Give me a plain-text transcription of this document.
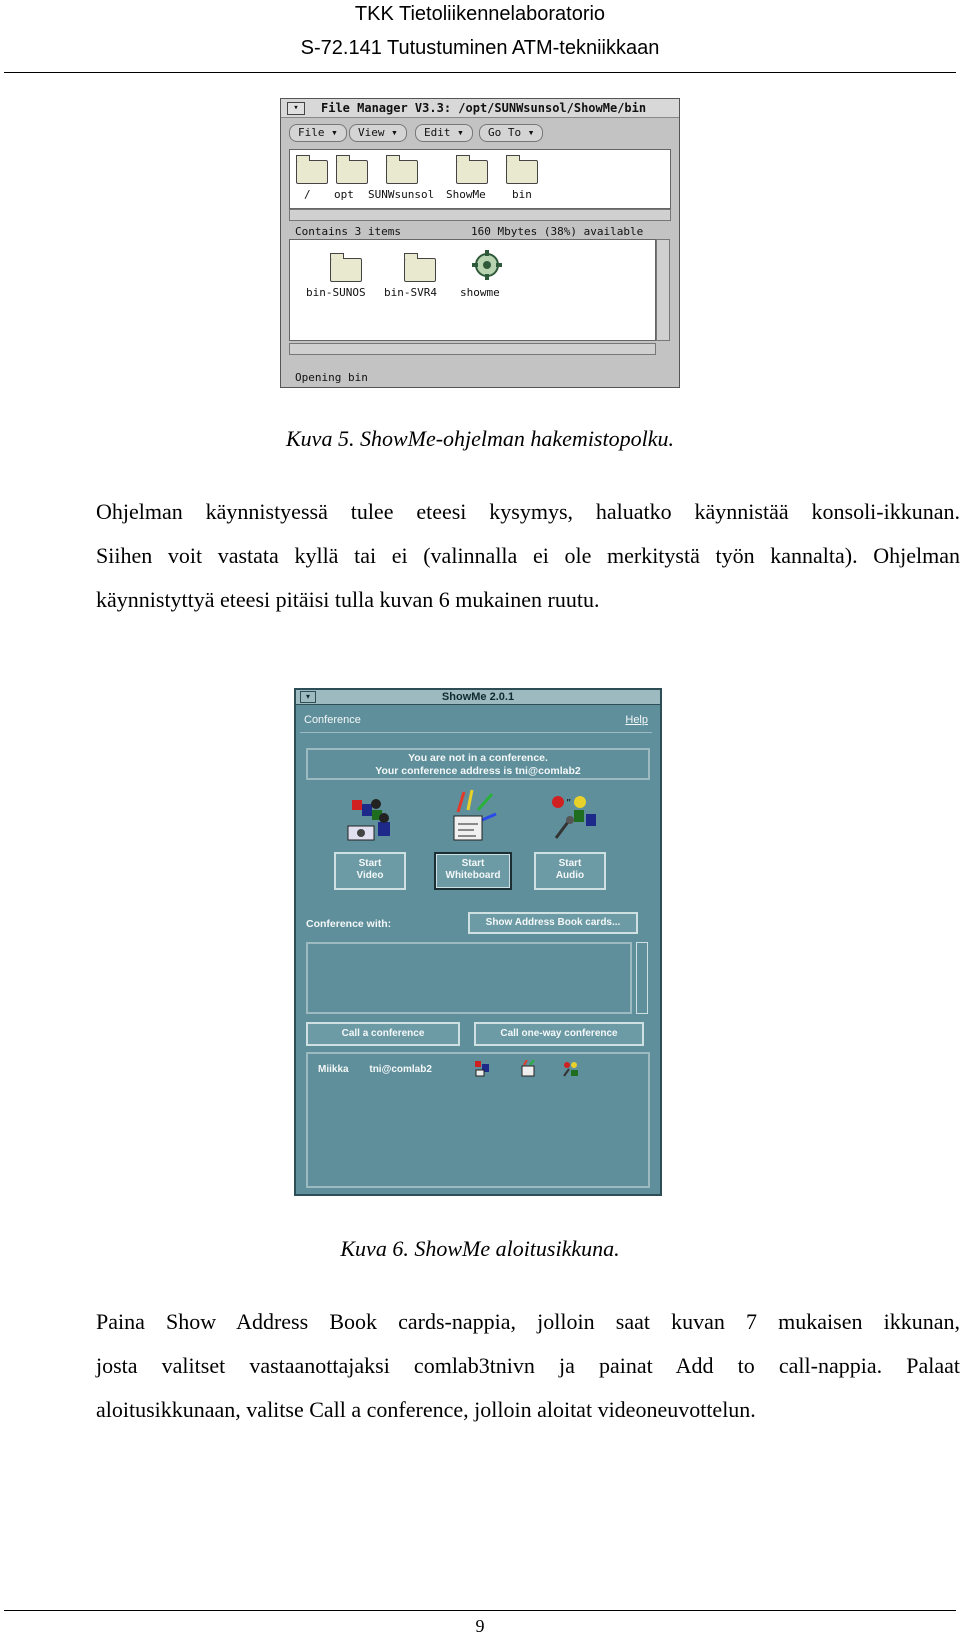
TKK Tietoliikennelaboratorio
S-72.141 Tutustuminen ATM-tekniikkaan
▾	File Manager V3.3: /opt/SUNWsunsol/ShowMe/bin
File ▾	View ▾	Edit ▾	Go To ▾
/ opt SUNWsunsol ShowMe bin
Contains 3 items	160 Mbytes (38%) available
bin-SUNOS bin-SVR4 showme
Opening bin
Kuva 5. ShowMe-ohjelman hakemistopolku.
Ohjelman käynnistyessä tulee eteesi kysymys, haluatko käynnistää konsoli-ikkunan.
Siihen voit vastata kyllä tai ei (valinnalla ei ole merkitystä työn kannalta). Ohjelman
käynnistyttyä eteesi pitäisi tulla kuvan 6 mukainen ruutu.
▾	ShowMe 2.0.1
Conference	Help
You are not in a conference.
Your conference address is tni@comlab2
”
Start
Video
Start
Whiteboard
Start
Audio
Conference with:	Show Address Book cards...
Call a conference	Call one-way conference
Miikka tni@comlab2
Kuva 6. ShowMe aloitusikkuna.
Paina Show Address Book cards-nappia, jolloin saat kuvan 7 mukaisen ikkunan,
josta valitset vastaanottajaksi comlab3tnivn ja painat Add to call-nappia. Palaat
aloitusikkunaan, valitse Call a conference, jolloin aloitat videoneuvottelun.
9
